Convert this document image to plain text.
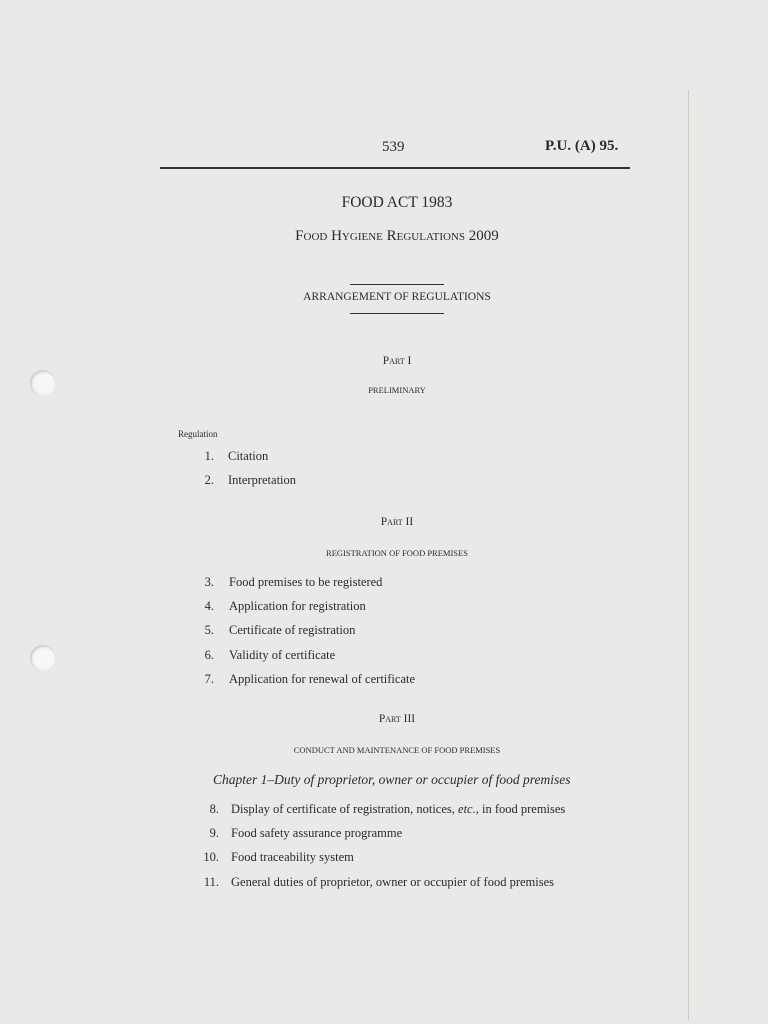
539	P.U. (A) 95.
FOOD ACT 1983
Food Hygiene Regulations 2009
ARRANGEMENT OF REGULATIONS
Part I
PRELIMINARY
Regulation
1. Citation
2. Interpretation
Part II
REGISTRATION OF FOOD PREMISES
3. Food premises to be registered
4. Application for registration
5. Certificate of registration
6. Validity of certificate
7. Application for renewal of certificate
Part III
CONDUCT AND MAINTENANCE OF FOOD PREMISES
Chapter 1–Duty of proprietor, owner or occupier of food premises
8. Display of certificate of registration, notices, etc., in food premises
9. Food safety assurance programme
10. Food traceability system
11. General duties of proprietor, owner or occupier of food premises
